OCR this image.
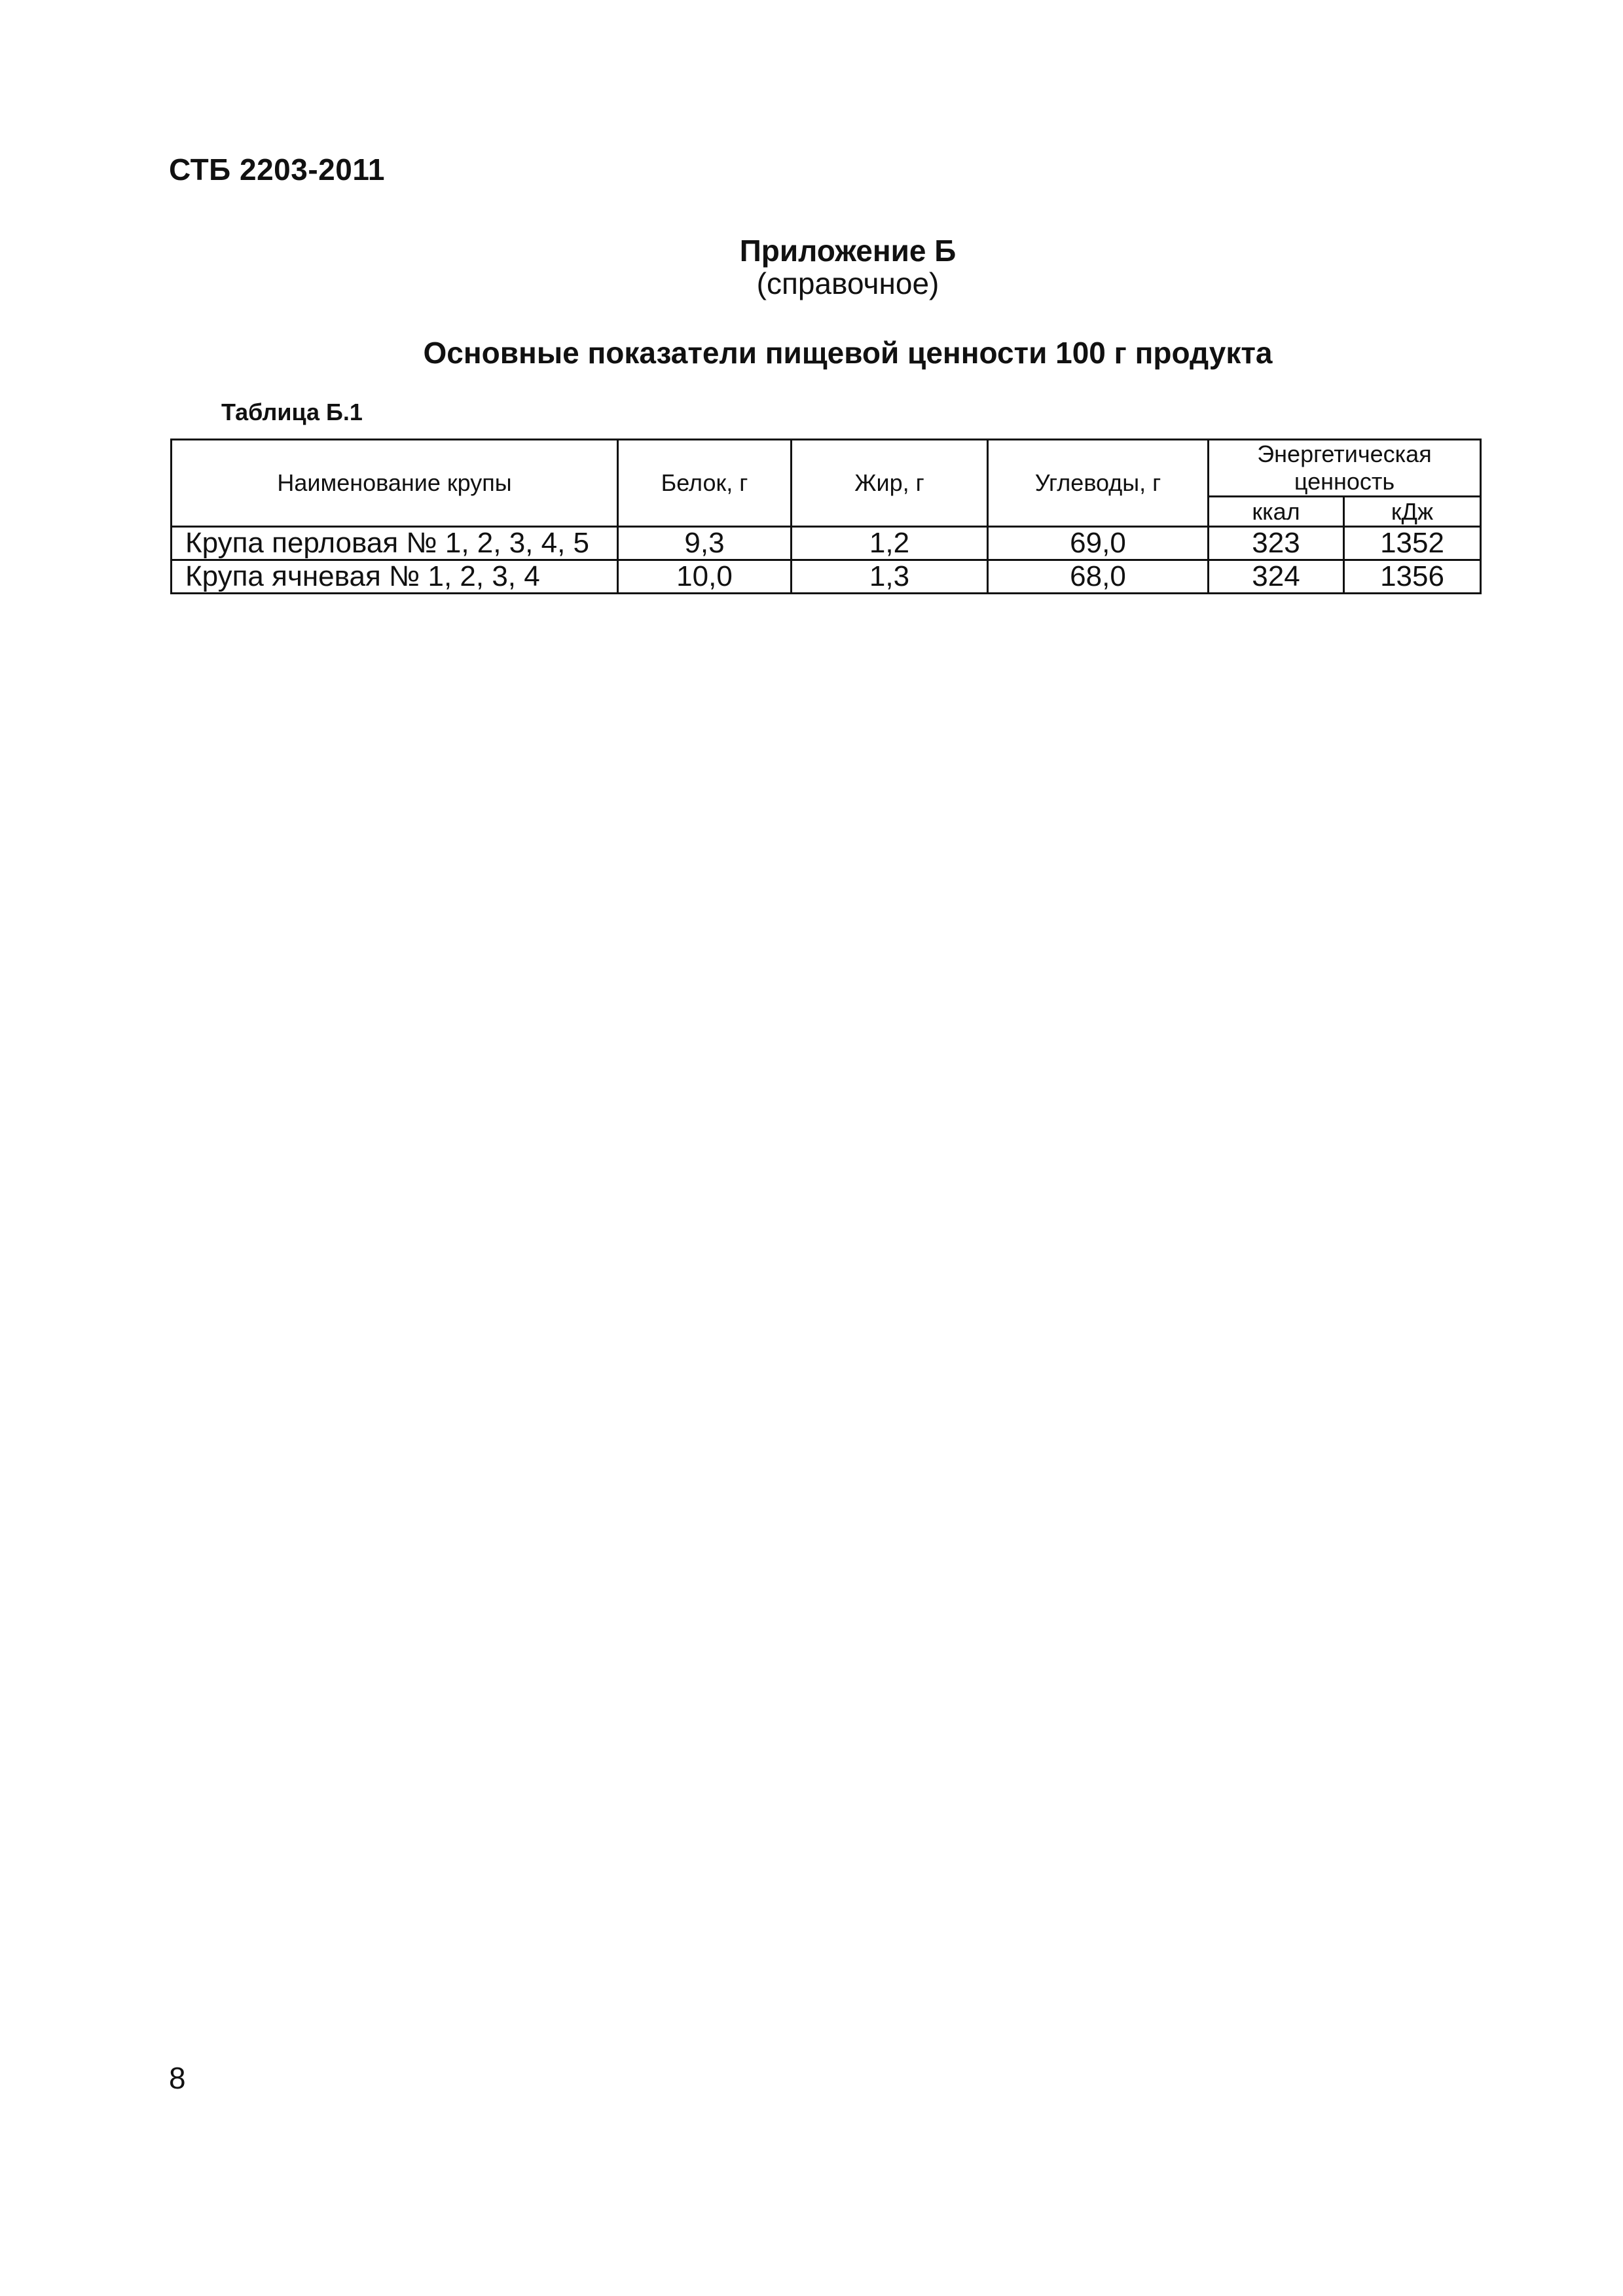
СТБ 2203-2011
Приложение Б
(справочное)
Основные показатели пищевой ценности 100 г продукта
Таблица Б.1
Наименование крупы	Белок, г	Жир, г	Углеводы, г	Энергетическая ценность	
				ккал	кДж
Крупа перловая № 1, 2, 3, 4, 5	9,3	1,2	69,0	323	1352
Крупа ячневая № 1, 2, 3, 4	10,0	1,3	68,0	324	1356
8
